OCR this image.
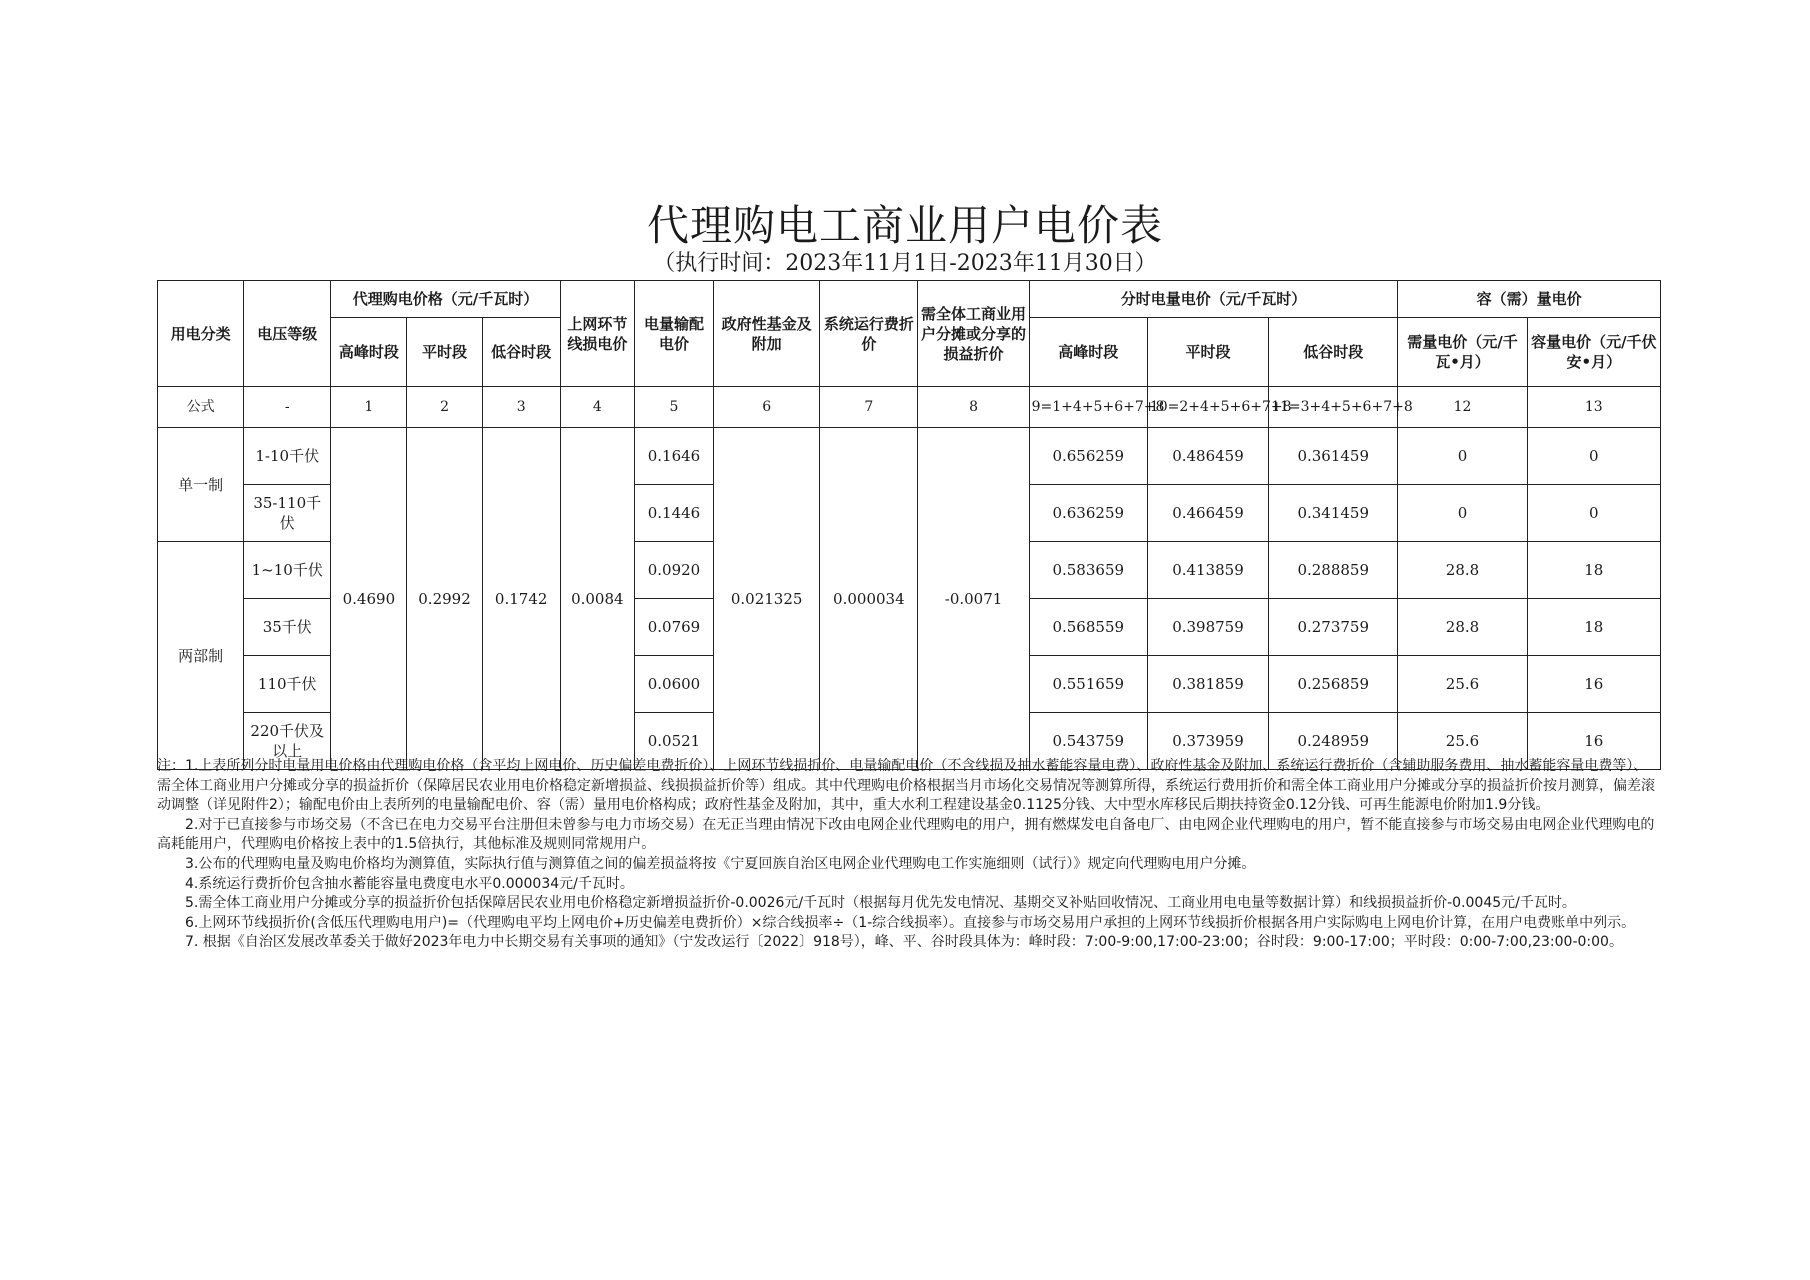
代理购电工商业用户电价表
（执行时间：2023年11月1日-2023年11月30日）
用电分类	电压等级	代理购电价格（元/千瓦时）			上网环节线损电价	电量输配电价	政府性基金及附加	系统运行费折价	需全体工商业用户分摊或分享的损益折价	分时电量电价（元/千瓦时）			容（需）量电价	
		高峰时段	平时段	低谷时段						高峰时段	平时段	低谷时段	需量电价（元/千瓦•月）	容量电价（元/千伏安•月）
公式	-	1	2	3	4	5	6	7	8	9=1+4+5+6+7+8	10=2+4+5+6+7+8	11=3+4+5+6+7+8	12	13
单一制	1-10千伏	0.4690	0.2992	0.1742	0.0084	0.1646	0.021325	0.000034	-0.0071	0.656259	0.486459	0.361459	0	0
	35-110千伏					0.1446				0.636259	0.466459	0.341459	0	0
两部制	1~10千伏					0.0920				0.583659	0.413859	0.288859	28.8	18
	35千伏					0.0769				0.568559	0.398759	0.273759	28.8	18
	110千伏					0.0600				0.551659	0.381859	0.256859	25.6	16
	220千伏及以上					0.0521				0.543759	0.373959	0.248959	25.6	16

注：1.上表所列分时电量用电价格由代理购电价格（含平均上网电价、历史偏差电费折价）、上网环节线损折价、电量输配电价（不含线损及抽水蓄能容量电费）、政府性基金及附加、系统运行费折价（含辅助服务费用、抽水蓄能容量电费等）、需全体工商业用户分摊或分享的损益折价（保障居民农业用电价格稳定新增损益、线损损益折价等）组成。其中代理购电价格根据当月市场化交易情况等测算所得，系统运行费用折价和需全体工商业用户分摊或分享的损益折价按月测算，偏差滚动调整（详见附件2）；输配电价由上表所列的电量输配电价、容（需）量用电价格构成；政府性基金及附加，其中，重大水利工程建设基金0.1125分钱、大中型水库移民后期扶持资金0.12分钱、可再生能源电价附加1.9分钱。

2.对于已直接参与市场交易（不含已在电力交易平台注册但未曾参与电力市场交易）在无正当理由情况下改由电网企业代理购电的用户，拥有燃煤发电自备电厂、由电网企业代理购电的用户，暂不能直接参与市场交易由电网企业代理购电的高耗能用户，代理购电价格按上表中的1.5倍执行，其他标准及规则同常规用户。

3.公布的代理购电量及购电价格均为测算值，实际执行值与测算值之间的偏差损益将按《宁夏回族自治区电网企业代理购电工作实施细则（试行）》规定向代理购电用户分摊。

4.系统运行费折价包含抽水蓄能容量电费度电水平0.000034元/千瓦时。

5.需全体工商业用户分摊或分享的损益折价包括保障居民农业用电价格稳定新增损益折价-0.0026元/千瓦时（根据每月优先发电情况、基期交叉补贴回收情况、工商业用电电量等数据计算）和线损损益折价-0.0045元/千瓦时。

6.上网环节线损折价(含低压代理购电用户)=（代理购电平均上网电价+历史偏差电费折价）×综合线损率÷（1-综合线损率）。直接参与市场交易用户承担的上网环节线损折价根据各用户实际购电上网电价计算，在用户电费账单中列示。

7. 根据《自治区发展改革委关于做好2023年电力中长期交易有关事项的通知》（宁发改运行〔2022〕918号），峰、平、谷时段具体为：峰时段：7:00-9:00,17:00-23:00；谷时段：9:00-17:00；平时段：0:00-7:00,23:00-0:00。
